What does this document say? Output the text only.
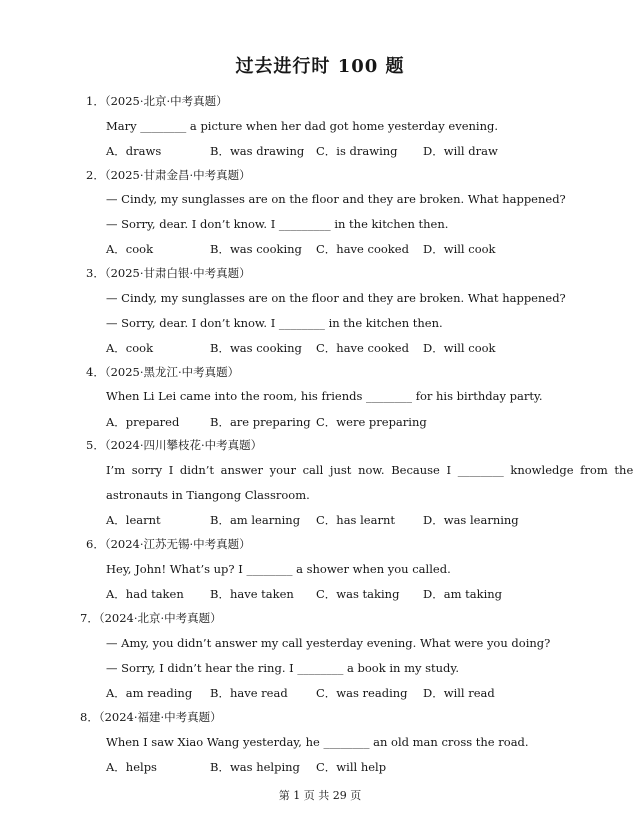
过去进行时 100 题
1．（2025·北京·中考真题）
Mary ________ a picture when her dad got home yesterday evening.
A．draws	B．was drawing C．is drawing D．will draw
2．（2025·甘肃金昌·中考真题）
— Cindy, my sunglasses are on the floor and they are broken. What happened?
— Sorry, dear. I don’t know. I _________ in the kitchen then.
A．cook	B．was cooking C．have cooked D．will cook
3．（2025·甘肃白银·中考真题）
— Cindy, my sunglasses are on the floor and they are broken. What happened?
— Sorry, dear. I don’t know. I ________ in the kitchen then.
A．cook	B．was cooking C．have cooked D．will cook
4．（2025·黑龙江·中考真题）
When Li Lei came into the room, his friends ________ for his birthday party.
A．prepared	B．are preparing C．were preparing
5．（2024·四川攀枝花·中考真题）
I’m sorry I didn’t answer your call just now. Because I ________ knowledge from the
astronauts in Tiangong Classroom.
A．learnt	B．am learning C．has learnt D．was learning
6．（2024·江苏无锡·中考真题）
Hey, John! What’s up? I ________ a shower when you called.
A．had taken B．have taken C．was taking D．am taking
7．（2024·北京·中考真题）
— Amy, you didn’t answer my call yesterday evening. What were you doing?
— Sorry, I didn’t hear the ring. I ________ a book in my study.
A．am reading B．have read C．was reading D．will read
8．（2024·福建·中考真题）
When I saw Xiao Wang yesterday, he ________ an old man cross the road.
A．helps	B．was helping C．will help
第 1 页 共 29 页
